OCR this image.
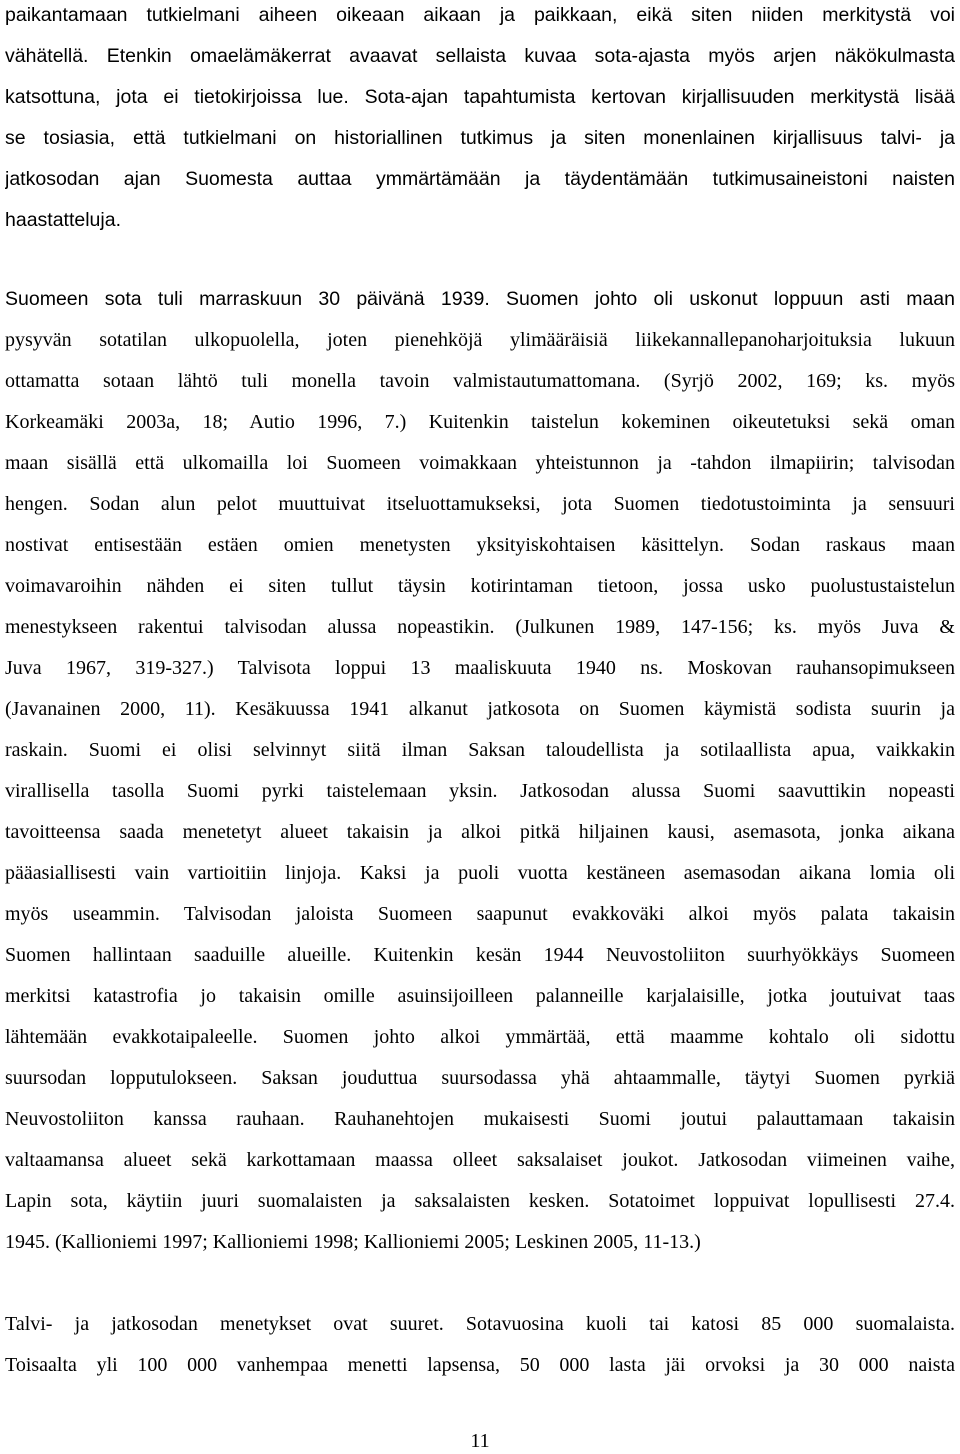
paikantamaan tutkielmani aiheen oikeaan aikaan ja paikkaan, eikä siten niiden merkitystä voi
vähätellä. Etenkin omaelämäkerrat avaavat sellaista kuvaa sota-ajasta myös arjen näkökulmasta
katsottuna, jota ei tietokirjoissa lue. Sota-ajan tapahtumista kertovan kirjallisuuden merkitystä lisää
se tosiasia, että tutkielmani on historiallinen tutkimus ja siten monenlainen kirjallisuus talvi- ja
jatkosodan ajan Suomesta auttaa ymmärtämään ja täydentämään tutkimusaineistoni naisten
haastatteluja.
Suomeen sota tuli marraskuun 30 päivänä 1939. Suomen johto oli uskonut loppuun asti maan
pysyvän sotatilan ulkopuolella, joten pienehköjä ylimääräisiä liikekannallepanoharjoituksia lukuun
ottamatta sotaan lähtö tuli monella tavoin valmistautumattomana. (Syrjö 2002, 169; ks. myös
Korkeamäki 2003a, 18; Autio 1996, 7.) Kuitenkin taistelun kokeminen oikeutetuksi sekä oman
maan sisällä että ulkomailla loi Suomeen voimakkaan yhteistunnon ja -tahdon ilmapiirin; talvisodan
hengen. Sodan alun pelot muuttuivat itseluottamukseksi, jota Suomen tiedotustoiminta ja sensuuri
nostivat entisestään estäen omien menetysten yksityiskohtaisen käsittelyn. Sodan raskaus maan
voimavaroihin nähden ei siten tullut täysin kotirintaman tietoon, jossa usko puolustustaistelun
menestykseen rakentui talvisodan alussa nopeastikin. (Julkunen 1989, 147-156; ks. myös Juva &
Juva 1967, 319-327.) Talvisota loppui 13 maaliskuuta 1940 ns. Moskovan rauhansopimukseen
(Javanainen 2000, 11). Kesäkuussa 1941 alkanut jatkosota on Suomen käymistä sodista suurin ja
raskain. Suomi ei olisi selvinnyt siitä ilman Saksan taloudellista ja sotilaallista apua, vaikkakin
virallisella tasolla Suomi pyrki taistelemaan yksin. Jatkosodan alussa Suomi saavuttikin nopeasti
tavoitteensa saada menetetyt alueet takaisin ja alkoi pitkä hiljainen kausi, asemasota, jonka aikana
pääasiallisesti vain vartioitiin linjoja. Kaksi ja puoli vuotta kestäneen asemasodan aikana lomia oli
myös useammin. Talvisodan jaloista Suomeen saapunut evakkoväki alkoi myös palata takaisin
Suomen hallintaan saaduille alueille. Kuitenkin kesän 1944 Neuvostoliiton suurhyökkäys Suomeen
merkitsi katastrofia jo takaisin omille asuinsijoilleen palanneille karjalaisille, jotka joutuivat taas
lähtemään evakkotaipaleelle. Suomen johto alkoi ymmärtää, että maamme kohtalo oli sidottu
suursodan lopputulokseen. Saksan jouduttua suursodassa yhä ahtaammalle, täytyi Suomen pyrkiä
Neuvostoliiton kanssa rauhaan. Rauhanehtojen mukaisesti Suomi joutui palauttamaan takaisin
valtaamansa alueet sekä karkottamaan maassa olleet saksalaiset joukot. Jatkosodan viimeinen vaihe,
Lapin sota, käytiin juuri suomalaisten ja saksalaisten kesken. Sotatoimet loppuivat lopullisesti 27.4.
1945. (Kallioniemi 1997; Kallioniemi 1998; Kallioniemi 2005; Leskinen 2005, 11-13.)
Talvi- ja jatkosodan menetykset ovat suuret. Sotavuosina kuoli tai katosi 85 000 suomalaista.
Toisaalta yli 100 000 vanhempaa menetti lapsensa, 50 000 lasta jäi orvoksi ja 30 000 naista
11
